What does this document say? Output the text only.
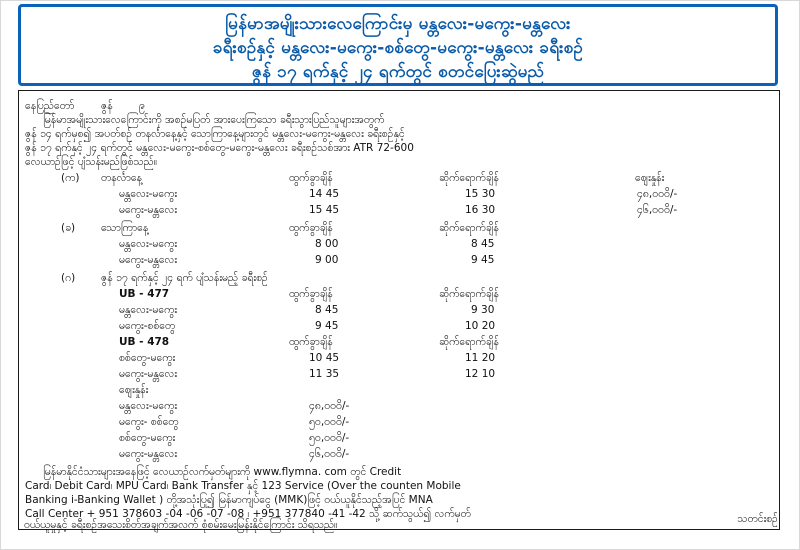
မြန်မာအမျိုးသားလေကြောင်းမှ မန္တလေး-မကွေး-မန္တလေး
ခရီးစဉ်နှင့် မန္တလေး-မကွေး-စစ်တွေ-မကွေး-မန္တလေး ခရီးစဉ်
ဇွန် ၁၇ ရက်နှင့် ၂၄ ရက်တွင် စတင်ပြေးဆွဲမည်
နေပြည်တော်	ဇွန်	၉
မြန်မာအမျိုးသားလေကြောင်းကို အစဉ်မပြတ် အားပေးကြသော ခရီးသွားပြည်သူများအတွက်
ဇွန် ၁၄ ရက်မှစ၍ အပတ်စဉ် တနင်္လာနေ့နှင့် သောကြာနေ့များတွင် မန္တလေး-မကွေး-မန္တလေး ခရီးစဉ်နှင့်
ဇွန် ၁၇ ရက်နှင့် ၂၄ ရက်တွင် မန္တလေး-မကွေး-စစ်တွေ-မကွေး-မန္တလေး ခရီးစဉ်သစ်အား ATR 72-600
လေယာဉ်ဖြင့် ပျံသန်းမည်ဖြစ်သည်။
(က) တနင်္လာနေ့	ထွက်ခွာချိန်	ဆိုက်ရောက်ချိန်	ဈေးနှုန်း
မန္တလေး-မကွေး	14 45	15 30	၄၈,၀၀၀ိ/-
မကွေး-မန္တလေး	15 45	16 30	၄၆,၀၀၀ိ/-
(ခ) သောကြာနေ့	ထွက်ခွာချိန်	ဆိုက်ရောက်ချိန်
မန္တလေး-မကွေး	8 00	8 45
မကွေး-မန္တလေး	9 00	9 45
(ဂ) ဇွန် ၁၇ ရက်နှင့် ၂၄ ရက် ပျံသန်းမည့် ခရီးစဉ်
UB - 477	ထွက်ခွာချိန်	ဆိုက်ရောက်ချိန်
မန္တလေး-မကွေး	8 45	9 30
မကွေး-စစ်တွေ	9 45	10 20
UB - 478	ထွက်ခွာချိန်	ဆိုက်ရောက်ချိန်
စစ်တွေ-မကွေး	10 45	11 20
မကွေး-မန္တလေး	11 35	12 10
ဈေးနှုန်း
မန္တလေး-မကွေး	၄၈,၀၀၀ိ/-
မကွေး- စစ်တွေ	၅၀,၀၀၀ိ/-
စစ်တွေ-မကွေး	၅၀,၀၀၀ိ/-
မကွေး-မန္တလေး	၄၆,၀၀၀ိ/-
မြန်မာနိုင်ငံသားများအနေဖြင့် လေယာဉ်လက်မှတ်များကို www.flymna. com တွင် Credit
Card၊ Debit Card၊ MPU Card၊ Bank Transfer နှင့် 123 Service (Over the counten Mobile
Banking i-Banking Wallet ) တို့အသုံးပြု၍ မြန်မာကျပ်ငွေ (MMK)ဖြင့် ဝယ်ယူနိုင်သည့်အပြင် MNA
Call Center + 951 378603 -04 -06 -07 -08 ၊ +951 377840 -41 -42 သို့ ဆက်သွယ်၍ လက်မှတ်
ဝယ်ယူမှုနှင့် ခရီးစဉ်အသေးစိတ်အချက်အလက် စုံစမ်းမေးမြန်းနိုင်ကြောင်း သိရသည်။	သတင်းစဉ်
